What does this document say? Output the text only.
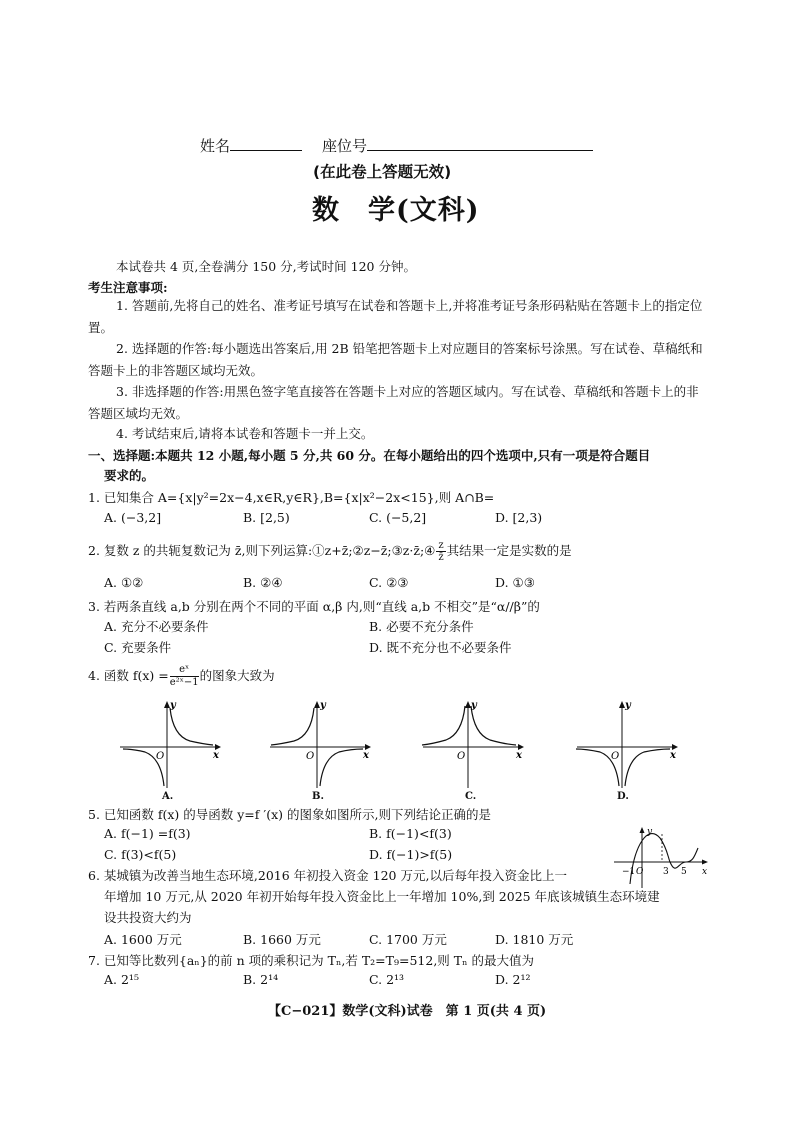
姓名	座位号
(在此卷上答题无效)
数　学(文科)
本试卷共 4 页,全卷满分 150 分,考试时间 120 分钟。
考生注意事项:
1. 答题前,先将自己的姓名、准考证号填写在试卷和答题卡上,并将准考证号条形码粘贴在答题卡上的指定位置。
2. 选择题的作答:每小题选出答案后,用 2B 铅笔把答题卡上对应题目的答案标号涂黑。写在试卷、草稿纸和答题卡上的非答题区域均无效。
3. 非选择题的作答:用黑色签字笔直接答在答题卡上对应的答题区域内。写在试卷、草稿纸和答题卡上的非答题区域均无效。
4. 考试结束后,请将本试卷和答题卡一并上交。
一、选择题:本题共 12 小题,每小题 5 分,共 60 分。在每小题给出的四个选项中,只有一项是符合题目
要求的。
1. 已知集合 A={x|y²=2x−4,x∈R,y∈R},B={x|x²−2x<15},则 A∩B=
A. (−3,2]	B. [2,5)	C. (−5,2]	D. [2,3)
2. 复数 z 的共轭复数记为 z̄,则下列运算:①z+z̄;②z−z̄;③z·z̄;④ $\frac{z}{z̄}$ 其结果一定是实数的是
A. ①②	B. ②④	C. ②③	D. ①③
3. 若两条直线 a,b 分别在两个不同的平面 α,β 内,则“直线 a,b 不相交”是“α//β”的
A. 充分不必要条件	B. 必要不充分条件
C. 充要条件	D. 既不充分也不必要条件
4. 函数 $f(x) = \frac{\text{eˣ}}{\text{e²ˣ−1}}$ 的图象大致为
y
x
O
A.
y
x
O
B.
y
x
O
C.
y
x
O
D.
5. 已知函数 f(x) 的导函数 y=f ′(x) 的图象如图所示,则下列结论正确的是
A. f(−1) =f(3)	B. f(−1)<f(3)
C. f(3)<f(5)	D. f(−1)>f(5)
y
x
−1 O 3 5
6. 某城镇为改善当地生态环境,2016 年初投入资金 120 万元,以后每年投入资金比上一
年增加 10 万元,从 2020 年初开始每年投入资金比上一年增加 10%,到 2025 年底该城镇生态环境建
设共投资大约为
A. 1600 万元	B. 1660 万元	C. 1700 万元	D. 1810 万元
7. 已知等比数列{aₙ}的前 n 项的乘积记为 Tₙ,若 T₂=T₉=512,则 Tₙ 的最大值为
A. 2¹⁵	B. 2¹⁴	C. 2¹³	D. 2¹²
【C−021】数学(文科)试卷　第 1 页(共 4 页)
